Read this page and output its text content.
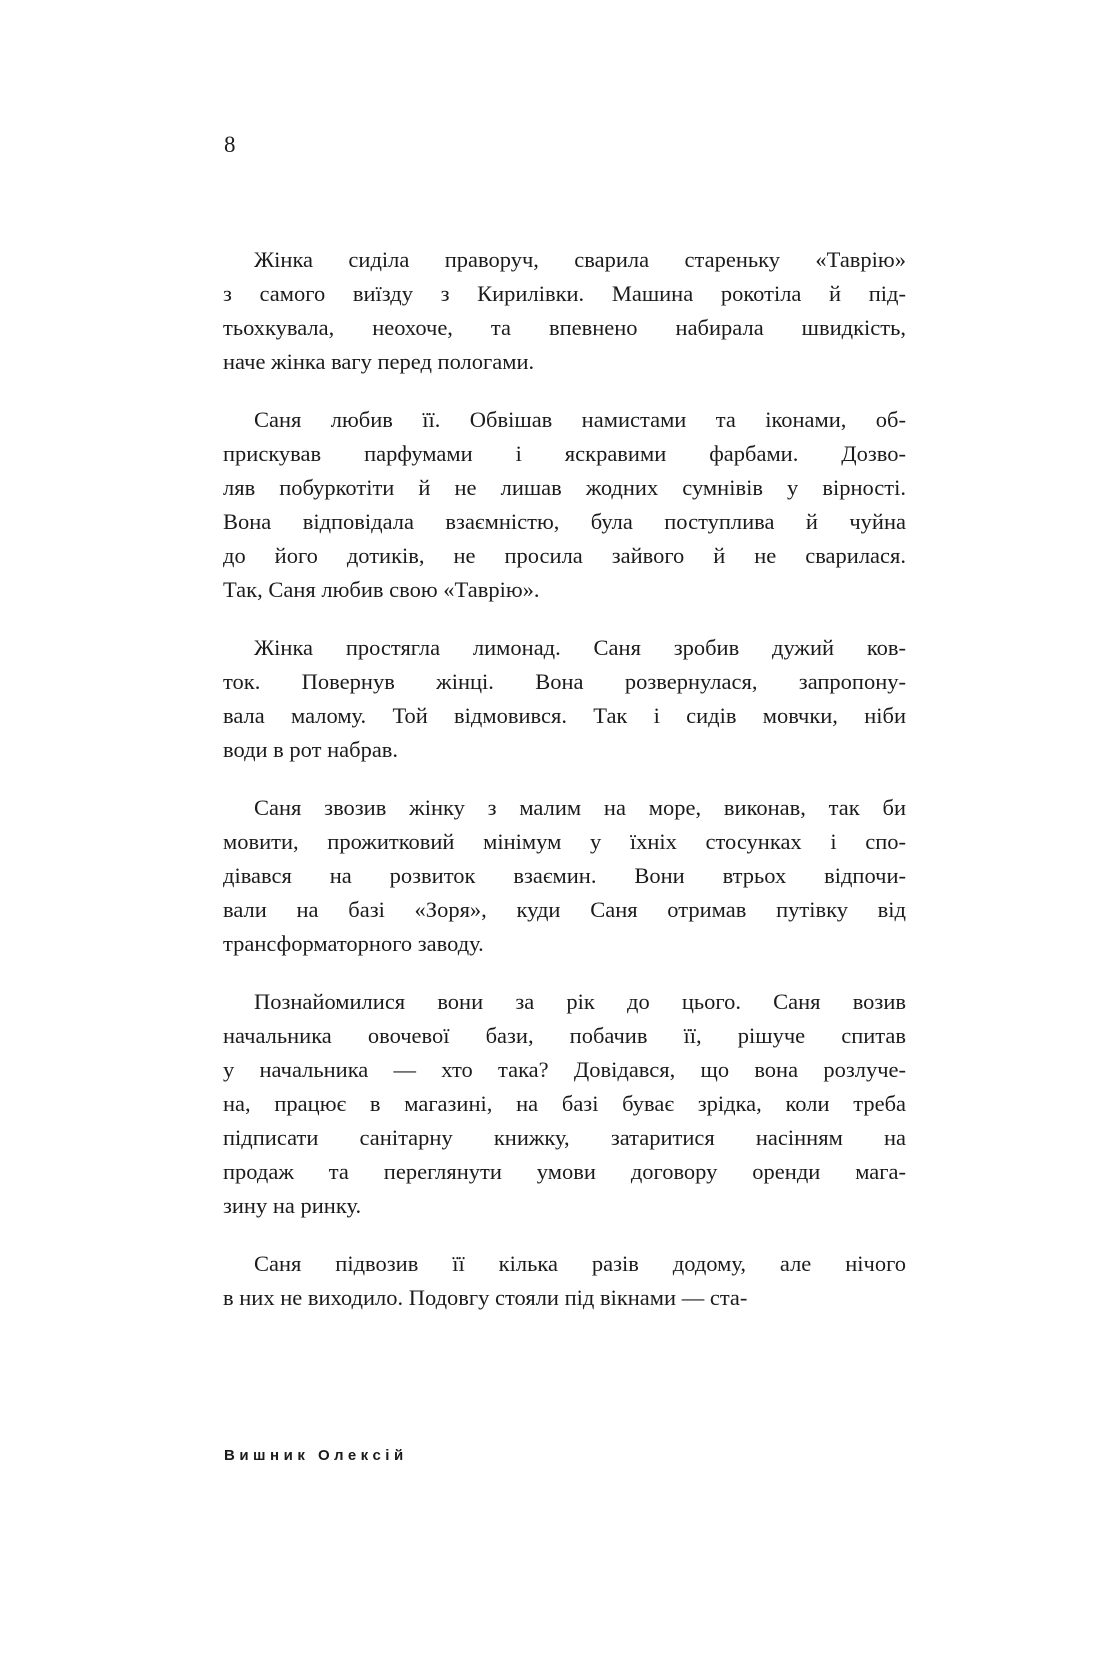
8
Жінка сиділа праворуч, сварила стареньку «Таврію»
з самого виїзду з Кирилівки. Машина рокотіла й під-
тьохкувала, неохоче, та впевнено набирала швидкість,
наче жінка вагу перед пологами.
Саня любив її. Обвішав намистами та іконами, об-
прискував парфумами і яскравими фарбами. Дозво-
ляв побуркотіти й не лишав жодних сумнівів у вірності.
Вона відповідала взаємністю, була поступлива й чуйна
до його дотиків, не просила зайвого й не сварилася.
Так, Саня любив свою «Таврію».
Жінка простягла лимонад. Саня зробив дужий ков-
ток. Повернув жінці. Вона розвернулася, запропону-
вала малому. Той відмовився. Так і сидів мовчки, ніби
води в рот набрав.
Саня звозив жінку з малим на море, виконав, так би
мовити, прожитковий мінімум у їхніх стосунках і спо-
дівався на розвиток взаємин. Вони втрьох відпочи-
вали на базі «Зоря», куди Саня отримав путівку від
трансформаторного заводу.
Познайомилися вони за рік до цього. Саня возив
начальника овочевої бази, побачив її, рішуче спитав
у начальника — хто така? Довідався, що вона розлуче-
на, працює в магазині, на базі буває зрідка, коли треба
підписати санітарну книжку, затаритися насінням на
продаж та переглянути умови договору оренди мага-
зину на ринку.
Саня підвозив її кілька разів додому, але нічого
в них не виходило. Подовгу стояли під вікнами — ста-
Вишник Олексій
